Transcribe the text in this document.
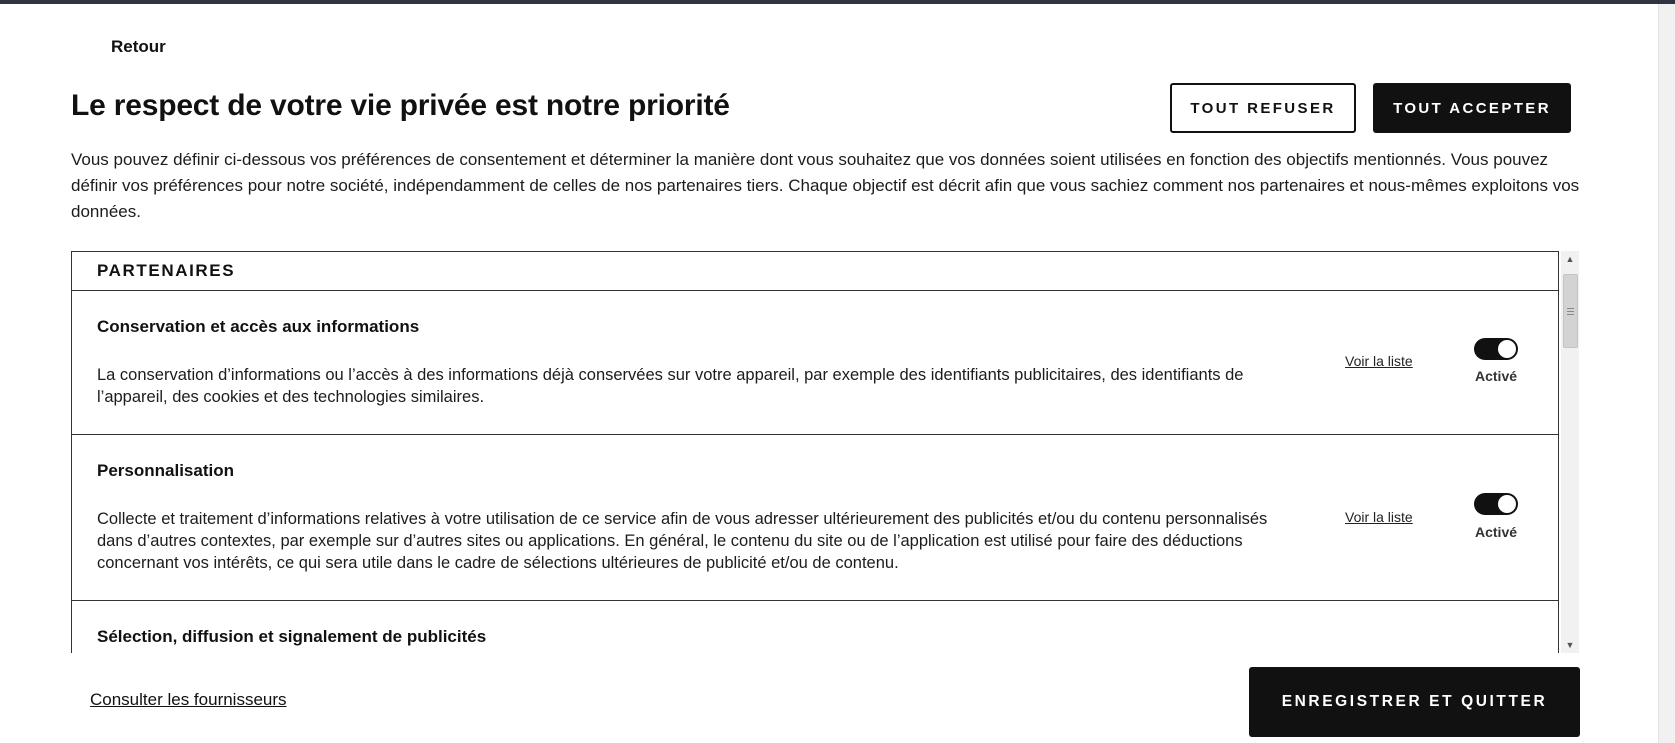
Retour
Le respect de votre vie privée est notre priorité	TOUT REFUSER	TOUT ACCEPTER

Vous pouvez définir ci-dessous vos préférences de consentement et déterminer la manière dont vous souhaitez que vos données soient utilisées en fonction des objectifs mentionnés. Vous pouvez définir vos préférences pour notre société, indépendamment de celles de nos partenaires tiers. Chaque objectif est décrit afin que vous sachiez comment nos partenaires et nous-mêmes exploitons vos données.

PARTENAIRES
Conservation et accès aux informations
La conservation d’informations ou l’accès à des informations déjà conservées sur votre appareil, par exemple des identifiants publicitaires, des identifiants de l’appareil, des cookies et des technologies similaires.
Voir la liste
Activé
Personnalisation
Collecte et traitement d’informations relatives à votre utilisation de ce service afin de vous adresser ultérieurement des publicités et/ou du contenu personnalisés dans d’autres contextes, par exemple sur d’autres sites ou applications. En général, le contenu du site ou de l’application est utilisé pour faire des déductions concernant vos intérêts, ce qui sera utile dans le cadre de sélections ultérieures de publicité et/ou de contenu.
Voir la liste
Activé
Sélection, diffusion et signalement de publicités
▲
▼
Consulter les fournisseurs	ENREGISTRER ET QUITTER
